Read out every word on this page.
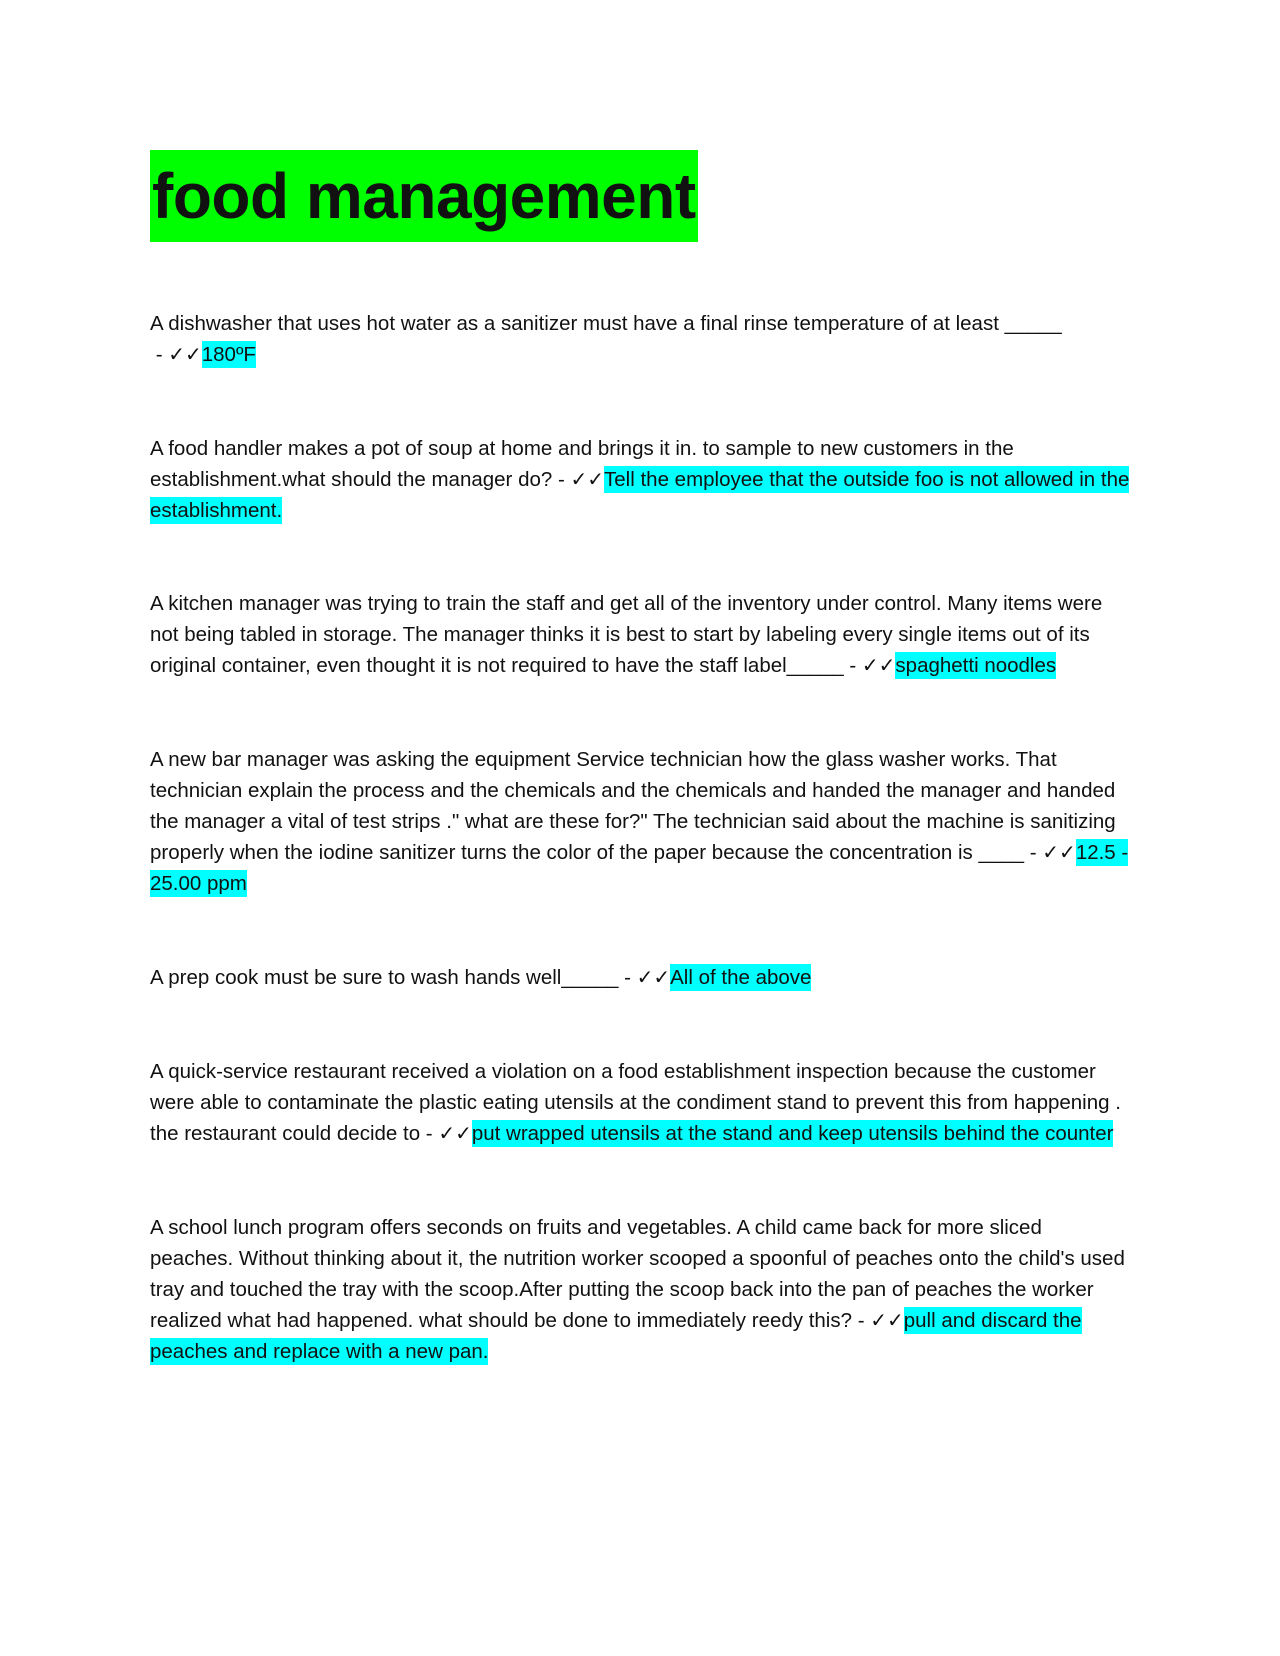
food management

A dishwasher that uses hot water as a sanitizer must have a final rinse temperature of at least _____ - ✓✓180ºF

A food handler makes a pot of soup at home and brings it in. to sample to new customers in the establishment.what should the manager do? - ✓✓Tell the employee that the outside foo is not allowed in the establishment.

A kitchen manager was trying to train the staff and get all of the inventory under control. Many items were not being tabled in storage. The manager thinks it is best to start by labeling every single items out of its original container, even thought it is not required to have the staff label_____ - ✓✓spaghetti noodles

A new bar manager was asking the equipment Service technician how the glass washer works. That technician explain the process and the chemicals and the chemicals and handed the manager and handed the manager a vital of test strips ." what are these for?" The technician said about the machine is sanitizing properly when the iodine sanitizer turns the color of the paper because the concentration is ____ - ✓✓12.5 - 25.00 ppm

A prep cook must be sure to wash hands well_____ - ✓✓All of the above

A quick-service restaurant received a violation on a food establishment inspection because the customer were able to contaminate the plastic eating utensils at the condiment stand to prevent this from happening . the restaurant could decide to - ✓✓put wrapped utensils at the stand and keep utensils behind the counter

A school lunch program offers seconds on fruits and vegetables. A child came back for more sliced peaches. Without thinking about it, the nutrition worker scooped a spoonful of peaches onto the child's used tray and touched the tray with the scoop.After putting the scoop back into the pan of peaches the worker realized what had happened. what should be done to immediately reedy this? - ✓✓pull and discard the peaches and replace with a new pan.
